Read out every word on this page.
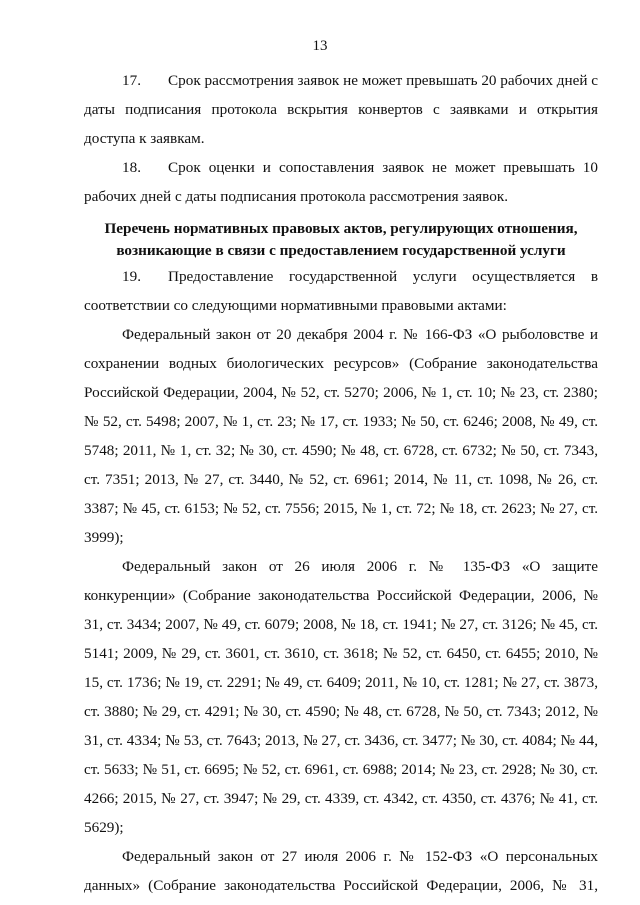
13

17. Срок рассмотрения заявок не может превышать 20 рабочих дней с даты подписания протокола вскрытия конвертов с заявками и открытия доступа к заявкам.

18. Срок оценки и сопоставления заявок не может превышать 10 рабочих дней с даты подписания протокола рассмотрения заявок.

Перечень нормативных правовых актов, регулирующих отношения,
возникающие в связи с предоставлением государственной услуги

19. Предоставление государственной услуги осуществляется в соответствии со следующими нормативными правовыми актами:

Федеральный закон от 20 декабря 2004 г. № 166-ФЗ «О рыболовстве и сохранении водных биологических ресурсов» (Собрание законодательства Российской Федерации, 2004, № 52, ст. 5270; 2006, № 1, ст. 10; № 23, ст. 2380; № 52, ст. 5498; 2007, № 1, ст. 23; № 17, ст. 1933; № 50, ст. 6246; 2008, № 49, ст. 5748; 2011, № 1, ст. 32; № 30, ст. 4590; № 48, ст. 6728, ст. 6732; № 50, ст. 7343, ст. 7351; 2013, № 27, ст. 3440, № 52, ст. 6961; 2014, № 11, ст. 1098, № 26, ст. 3387; № 45, ст. 6153; № 52, ст. 7556; 2015, № 1, ст. 72; № 18, ст. 2623; № 27, ст. 3999);

Федеральный закон от 26 июля 2006 г. № 135-ФЗ «О защите конкуренции» (Собрание законодательства Российской Федерации, 2006, № 31, ст. 3434; 2007, № 49, ст. 6079; 2008, № 18, ст. 1941; № 27, ст. 3126; № 45, ст. 5141; 2009, № 29, ст. 3601, ст. 3610, ст. 3618; № 52, ст. 6450, ст. 6455; 2010, № 15, ст. 1736; № 19, ст. 2291; № 49, ст. 6409; 2011, № 10, ст. 1281; № 27, ст. 3873, ст. 3880; № 29, ст. 4291; № 30, ст. 4590; № 48, ст. 6728, № 50, ст. 7343; 2012, № 31, ст. 4334; № 53, ст. 7643; 2013, № 27, ст. 3436, ст. 3477; № 30, ст. 4084; № 44, ст. 5633; № 51, ст. 6695; № 52, ст. 6961, ст. 6988; 2014; № 23, ст. 2928; № 30, ст. 4266; 2015, № 27, ст. 3947; № 29, ст. 4339, ст. 4342, ст. 4350, ст. 4376; № 41, ст. 5629);

Федеральный закон от 27 июля 2006 г. № 152-ФЗ «О персональных данных» (Собрание законодательства Российской Федерации, 2006, № 31,
